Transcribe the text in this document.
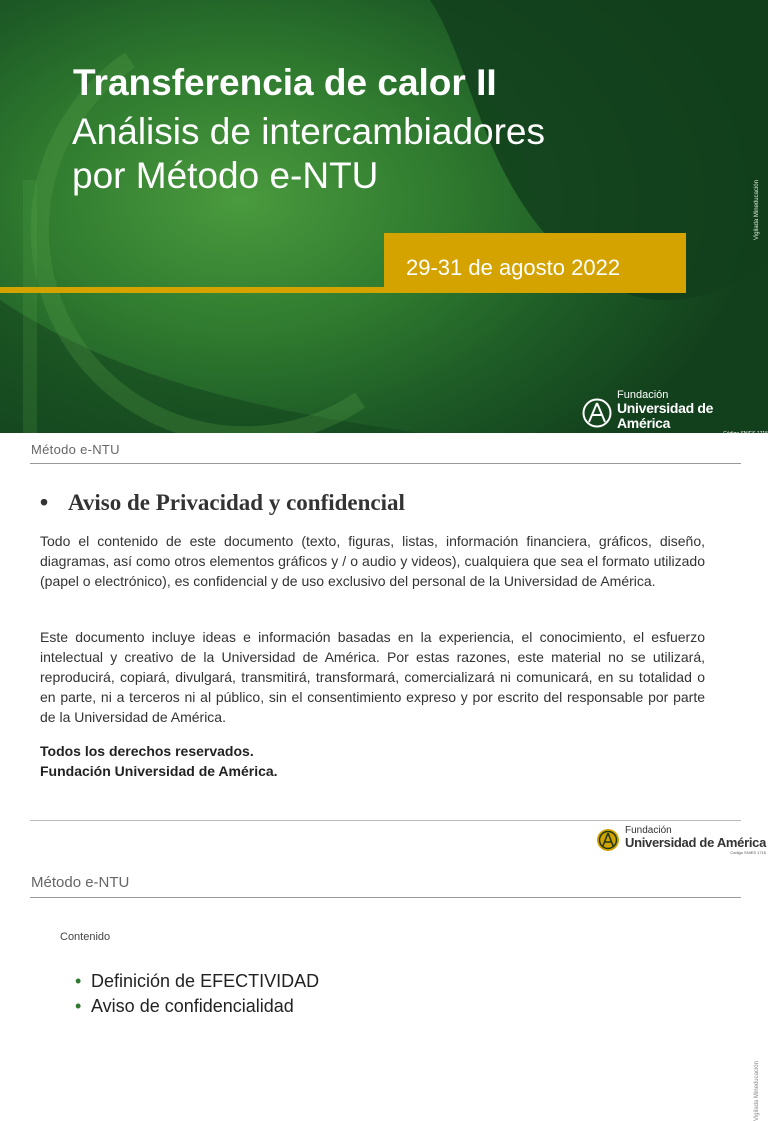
Transferencia de calor II
Análisis de intercambiadores
por Método e-NTU
29-31 de agosto 2022
Vigilada Mineducación
Fundación
Universidad de América
Método e-NTU
• Aviso de Privacidad y confidencial

Todo el contenido de este documento (texto, figuras, listas, información financiera, gráficos, diseño, diagramas, así como otros elementos gráficos y / o audio y videos), cualquiera que sea el formato utilizado (papel o electrónico), es confidencial y de uso exclusivo del personal de la Universidad de América.

Este documento incluye ideas e información basadas en la experiencia, el conocimiento, el esfuerzo intelectual y creativo de la Universidad de América. Por estas razones, este material no se utilizará, reproducirá, copiará, divulgará, transmitirá, transformará, comercializará ni comunicará, en su totalidad o en parte, ni a terceros ni al público, sin el consentimiento expreso y por escrito del responsable por parte de la Universidad de América.

Todos los derechos reservados.
Fundación Universidad de América.
Vigilada Mineducación
Fundación
Universidad de América
Código SNIES 1715
Método e-NTU
Contenido
• Definición de EFECTIVIDAD
• Aviso de confidencialidad
